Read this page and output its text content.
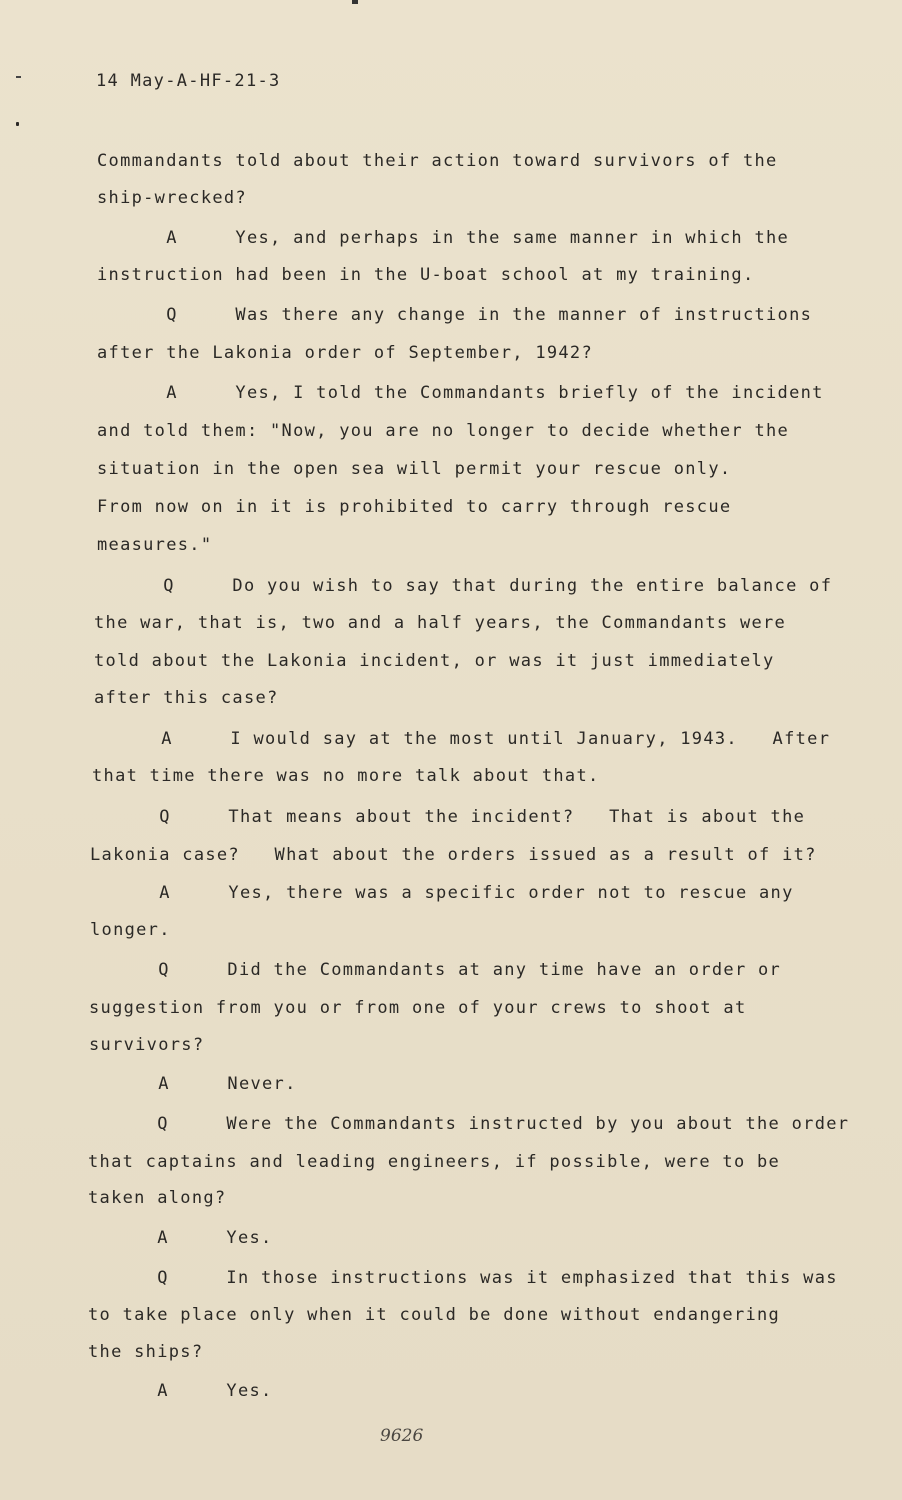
14 May-A-HF-21-3
Commandants told about their action toward survivors of the
ship-wrecked?
A     Yes, and perhaps in the same manner in which the
instruction had been in the U-boat school at my training.
Q     Was there any change in the manner of instructions
after the Lakonia order of September, 1942?
A     Yes, I told the Commandants briefly of the incident
and told them: "Now, you are no longer to decide whether the
situation in the open sea will permit your rescue only.
From now on in it is prohibited to carry through rescue
measures."
Q     Do you wish to say that during the entire balance of
the war, that is, two and a half years, the Commandants were
told about the Lakonia incident, or was it just immediately
after this case?
A     I would say at the most until January, 1943.   After
that time there was no more talk about that.
Q     That means about the incident?   That is about the
Lakonia case?   What about the orders issued as a result of it?
A     Yes, there was a specific order not to rescue any
longer.
Q     Did the Commandants at any time have an order or
suggestion from you or from one of your crews to shoot at
survivors?
A     Never.
Q     Were the Commandants instructed by you about the order
that captains and leading engineers, if possible, were to be
taken along?
A     Yes.
Q     In those instructions was it emphasized that this was
to take place only when it could be done without endangering
the ships?
A     Yes.
9626
